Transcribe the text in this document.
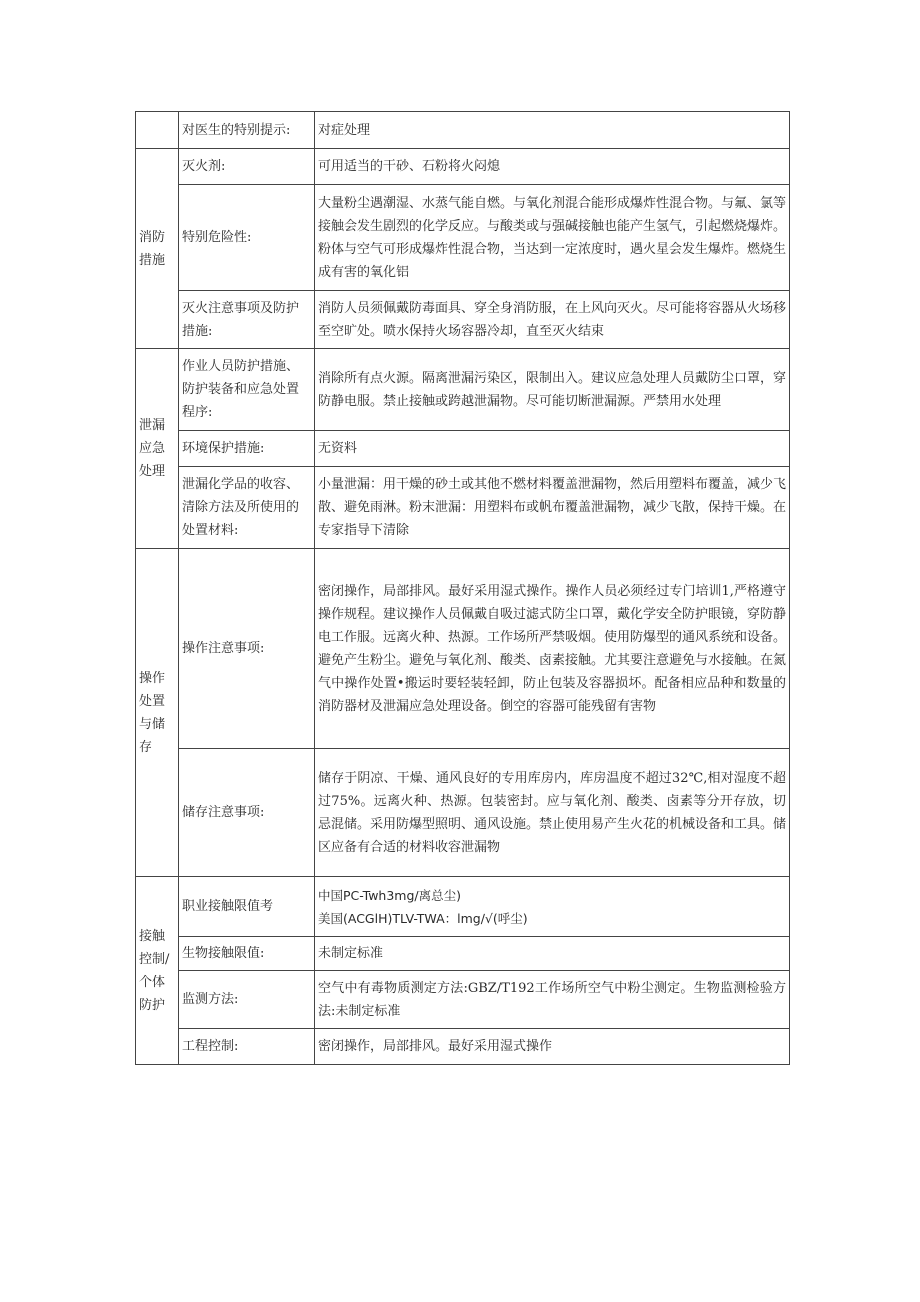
	对医生的特别提示:	对症处理
消防措施	灭火剂:	可用适当的干砂、石粉将火闷熄
	特别危险性:	大量粉尘遇潮湿、水蒸气能自燃。与氧化剂混合能形成爆炸性混合物。与氟、氯等接触会发生剧烈的化学反应。与酸类或与强碱接触也能产生氢气，引起燃烧爆炸。粉体与空气可形成爆炸性混合物，当达到一定浓度时，遇火星会发生爆炸。燃烧生成有害的氧化铝
	灭火注意事项及防护措施:	消防人员须佩戴防毒面具、穿全身消防服，在上风向灭火。尽可能将容器从火场移至空旷处。喷水保持火场容器冷却，直至灭火结束
泄漏应急处理	作业人员防护措施、防护装备和应急处置程序:	消除所有点火源。隔离泄漏污染区，限制出入。建议应急处理人员戴防尘口罩，穿防静电服。禁止接触或跨越泄漏物。尽可能切断泄漏源。严禁用水处理
	环境保护措施:	无资料
	泄漏化学品的收容、清除方法及所使用的处置材料:	小量泄漏：用干燥的砂土或其他不燃材料覆盖泄漏物，然后用塑料布覆盖，减少飞散、避免雨淋。粉末泄漏：用塑料布或帆布覆盖泄漏物，减少飞散，保持干燥。在专家指导下清除
操作处置与储存	操作注意事项:	密闭操作，局部排风。最好采用湿式操作。操作人员必须经过专门培训1,严格遵守操作规程。建议操作人员佩戴自吸过滤式防尘口罩，戴化学安全防护眼镜，穿防静电工作服。远离火种、热源。工作场所严禁吸烟。使用防爆型的通风系统和设备。避免产生粉尘。避免与氧化剂、酸类、卤素接触。尤其要注意避免与水接触。在氮气中操作处置•搬运时要轻装轻卸，防止包装及容器损坏。配备相应品种和数量的消防器材及泄漏应急处理设备。倒空的容器可能残留有害物
	储存注意事项:	储存于阴凉、干燥、通风良好的专用库房内，库房温度不超过32℃,相对湿度不超过75%。远离火种、热源。包装密封。应与氧化剂、酸类、卤素等分开存放，切忌混储。采用防爆型照明、通风设施。禁止使用易产生火花的机械设备和工具。储区应备有合适的材料收容泄漏物
接触控制/个体防护	职业接触限值考	中国PC-Twh3mg/离总尘)
美国(ACGlH)TLV-TWA：lmg∕√(呼尘)

	生物接触限值:	未制定标准
	监测方法:	空气中有毒物质测定方法:GBZ/T192工作场所空气中粉尘测定。生物监测检验方法:未制定标准
	工程控制:	密闭操作，局部排风。最好采用湿式操作
